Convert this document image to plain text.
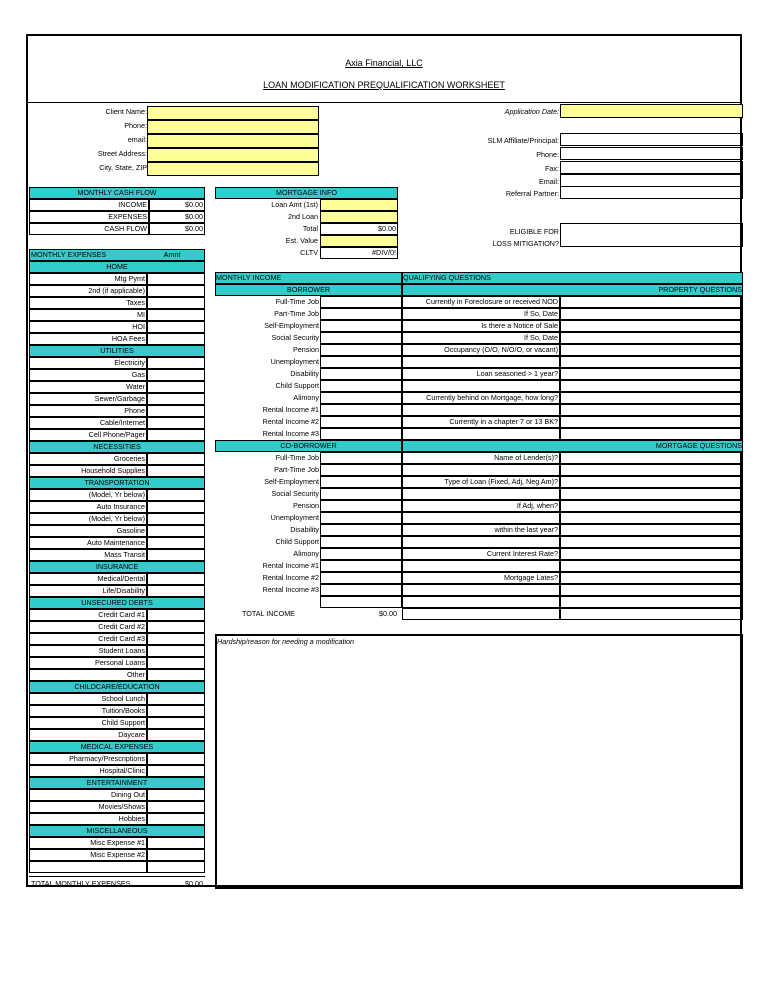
Axia Financial, LLC
LOAN MODIFICATION PREQUALIFICATION WORKSHEET
Client Name:
Phone:
email:
Street Address:
City, State, ZIP
Application Date:
SLM Affiliate/Principal:
Phone:
Fax:
Email:
Referral Partner:
ELIGIBLE FOR
LOSS MITIGATION?
MONTHLY CASH FLOW
INCOME	$0.00
EXPENSES	$0.00
CASH FLOW	$0.00
MORTGAGE INFO
Loan Amt (1st)
2nd Loan
Total	$0.00
Est. Value
CLTV	#DIV/0!
MONTHLY EXPENSES	Amnt
HOME
Mtg Pymt
2nd (if applicable)
Taxes
MI
HOI
HOA Fees
UTILITIES
Electricity
Gas
Water
Sewer/Garbage
Phone
Cable/Internet
Cell Phone/Pager
NECESSITIES
Groceries
Household Supplies
TRANSPORTATION
(Model, Yr below)
Auto Insurance
(Model, Yr below)
Gasoline
Auto Maintenance
Mass Transit
INSURANCE
Medical/Dental
Life/Disability
UNSECURED DEBTS
Credit Card #1
Credit Card #2
Credit Card #3
Student Loans
Personal Loans
Other
CHILDCARE/EDUCATION
School Lunch
Tuition/Books
Child Support
Daycare
MEDICAL EXPENSES
Pharmacy/Prescriptions
Hospital/Clinic
ENTERTAINMENT
Dining Out
Movies/Shows
Hobbies
MISCELLANEOUS
Misc Expense #1
Misc Expense #2
TOTAL MONTHLY EXPENSES	$0.00
MONTHLY INCOME
BORROWER
Full-Time Job
Part-Time Job
Self-Employment
Social Security
Pension
Unemployment
Disability
Child Support
Alimony
Rental Income #1
Rental Income #2
Rental Income #3
CO-BORROWER
Full-Time Job
Part-Time Job
Self-Employment
Social Security
Pension
Unemployment
Disability
Child Support
Alimony
Rental Income #1
Rental Income #2
Rental Income #3
TOTAL INCOME	$0.00
QUALIFYING QUESTIONS
PROPERTY QUESTIONS
Currently in Foreclosure or received NOD
If So, Date
Is there a Notice of Sale
If So, Date
Occupancy (O/O, N/O/O, or vacant)
Loan seasoned > 1 year?
Currently behind on Mortgage, how long?
Currently in a chapter 7 or 13 BK?
MORTGAGE QUESTIONS
Name of Lender(s)?
Type of Loan (Fixed, Adj, Neg Am)?
If Adj, when?
within the last year?
Current Interest Rate?
Mortgage Lates?
Hardship/reason for needing a modification
